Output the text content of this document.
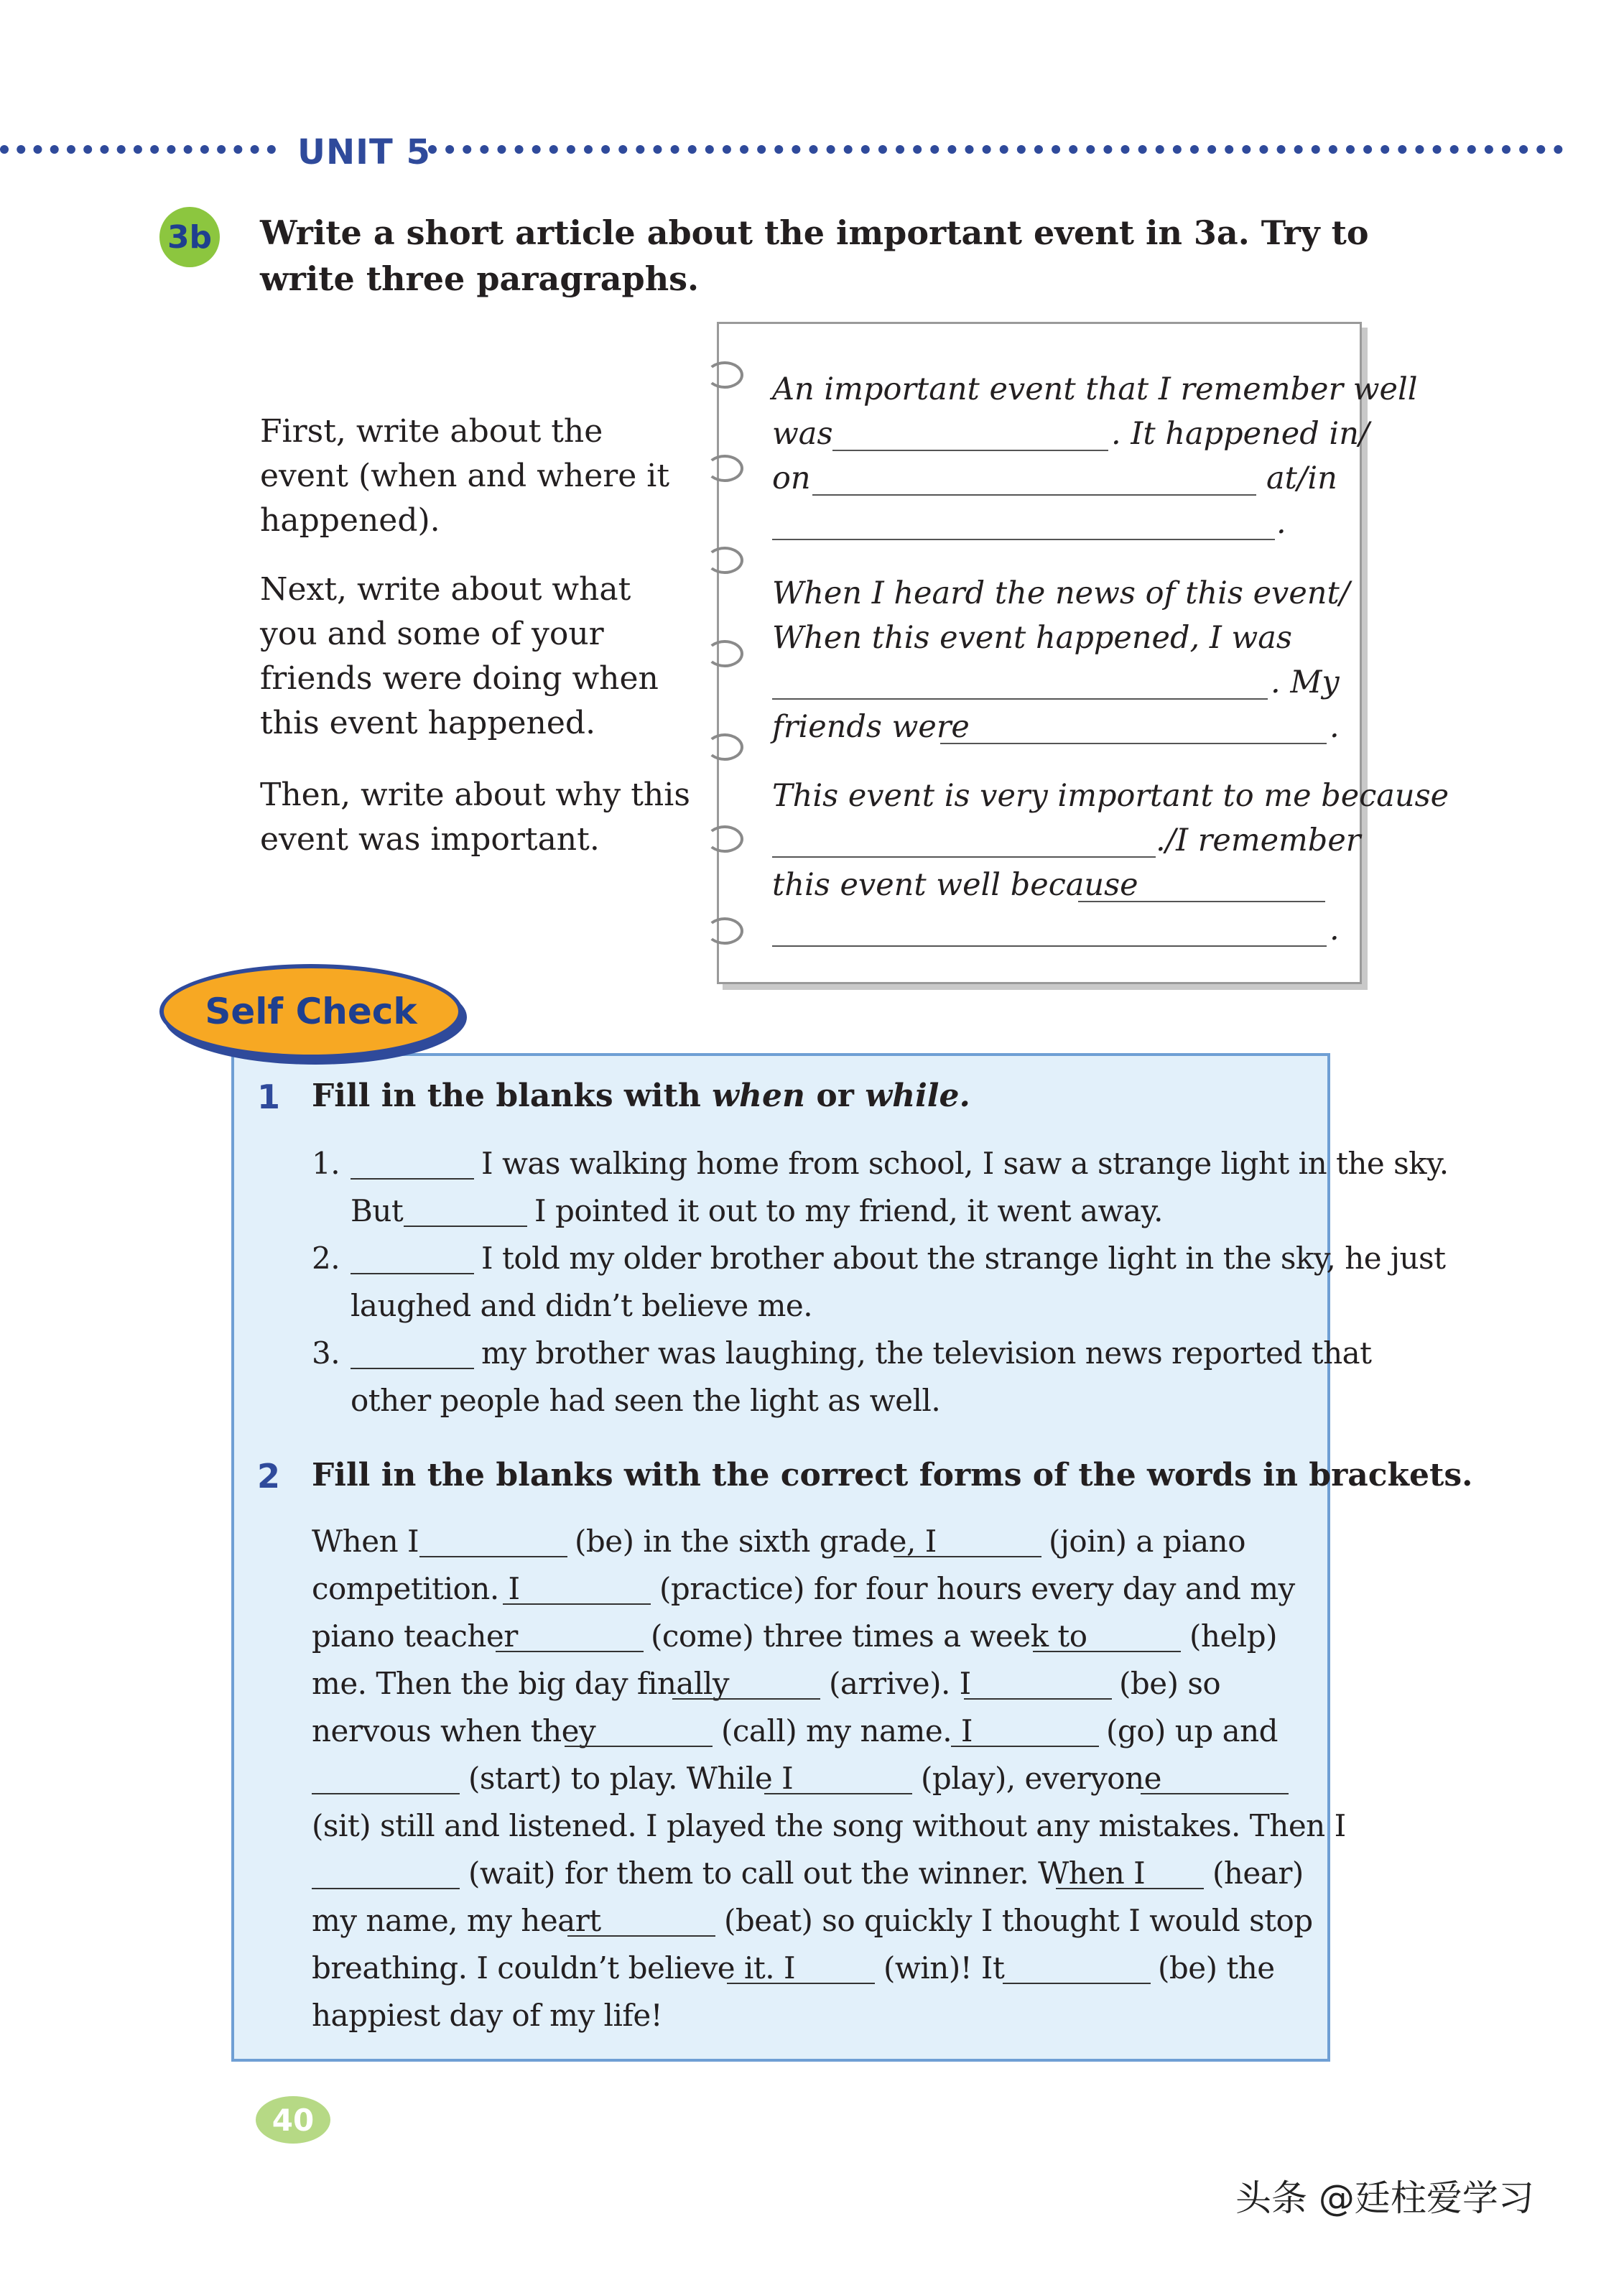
UNIT 5
3b Write a short article about the important event in 3a. Try to write three paragraphs.
First, write about the event (when and where it happened).
Next, write about what you and some of your friends were doing when this event happened.
Then, write about why this event was important.
An important event that I remember well
was	. It happened in/
on	at/in
.
When I heard the news of this event/
When this event happened, I was
. My
friends were	.
This event is very important to me because
./I remember
this event well because
.
Self Check
1 Fill in the blanks with when or while.
1.	I was walking home from school, I saw a strange light in the sky.
But	I pointed it out to my friend, it went away.
2.	I told my older brother about the strange light in the sky, he just
laughed and didn’t believe me.
3.	my brother was laughing, the television news reported that
other people had seen the light as well.
2 Fill in the blanks with the correct forms of the words in brackets.
When I	(be) in the sixth grade, I	(join) a piano
competition. I	(practice) for four hours every day and my
piano teacher	(come) three times a week to	(help)
me. Then the big day finally	(arrive). I	(be) so
nervous when they	(call) my name. I	(go) up and
(start) to play. While I	(play), everyone
(sit) still and listened. I played the song without any mistakes. Then I
(wait) for them to call out the winner. When I (hear)
my name, my heart	(beat) so quickly I thought I would stop
breathing. I couldn’t believe it. I	(win)! It	(be) the
happiest day of my life!
40
头条 @廷柱爱学习
